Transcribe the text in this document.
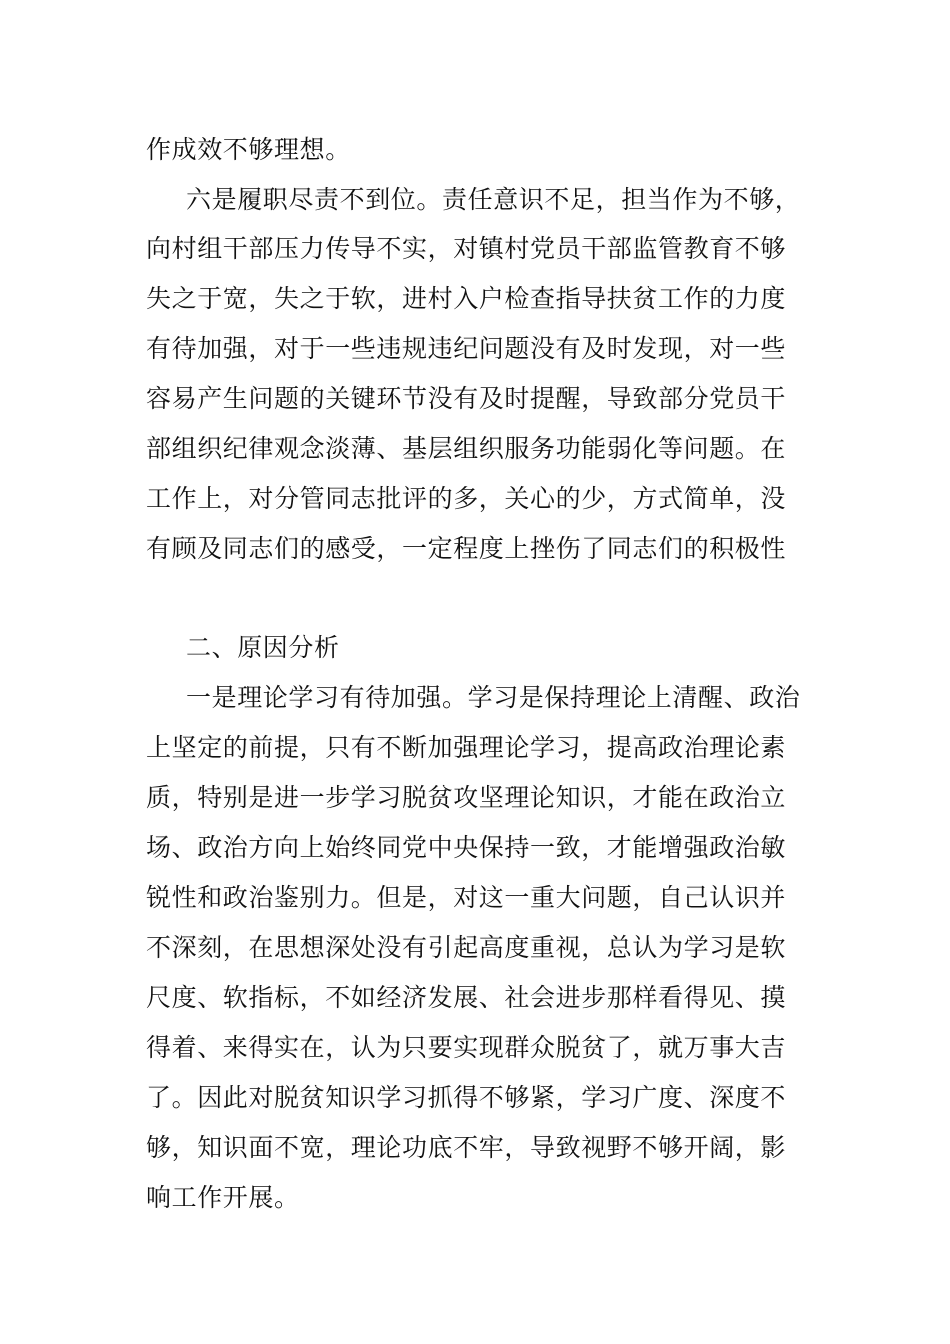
作成效不够理想。
六是履职尽责不到位。责任意识不足，担当作为不够，
向村组干部压力传导不实，对镇村党员干部监管教育不够
失之于宽，失之于软，进村入户检查指导扶贫工作的力度
有待加强，对于一些违规违纪问题没有及时发现，对一些
容易产生问题的关键环节没有及时提醒，导致部分党员干
部组织纪律观念淡薄、基层组织服务功能弱化等问题。在
工作上，对分管同志批评的多，关心的少，方式简单，没
有顾及同志们的感受，一定程度上挫伤了同志们的积极性
二、原因分析
一是理论学习有待加强。学习是保持理论上清醒、政治
上坚定的前提，只有不断加强理论学习，提高政治理论素
质，特别是进一步学习脱贫攻坚理论知识，才能在政治立
场、政治方向上始终同党中央保持一致，才能增强政治敏
锐性和政治鉴别力。但是，对这一重大问题，自己认识并
不深刻，在思想深处没有引起高度重视，总认为学习是软
尺度、软指标，不如经济发展、社会进步那样看得见、摸
得着、来得实在，认为只要实现群众脱贫了，就万事大吉
了。因此对脱贫知识学习抓得不够紧，学习广度、深度不
够，知识面不宽，理论功底不牢，导致视野不够开阔，影
响工作开展。
